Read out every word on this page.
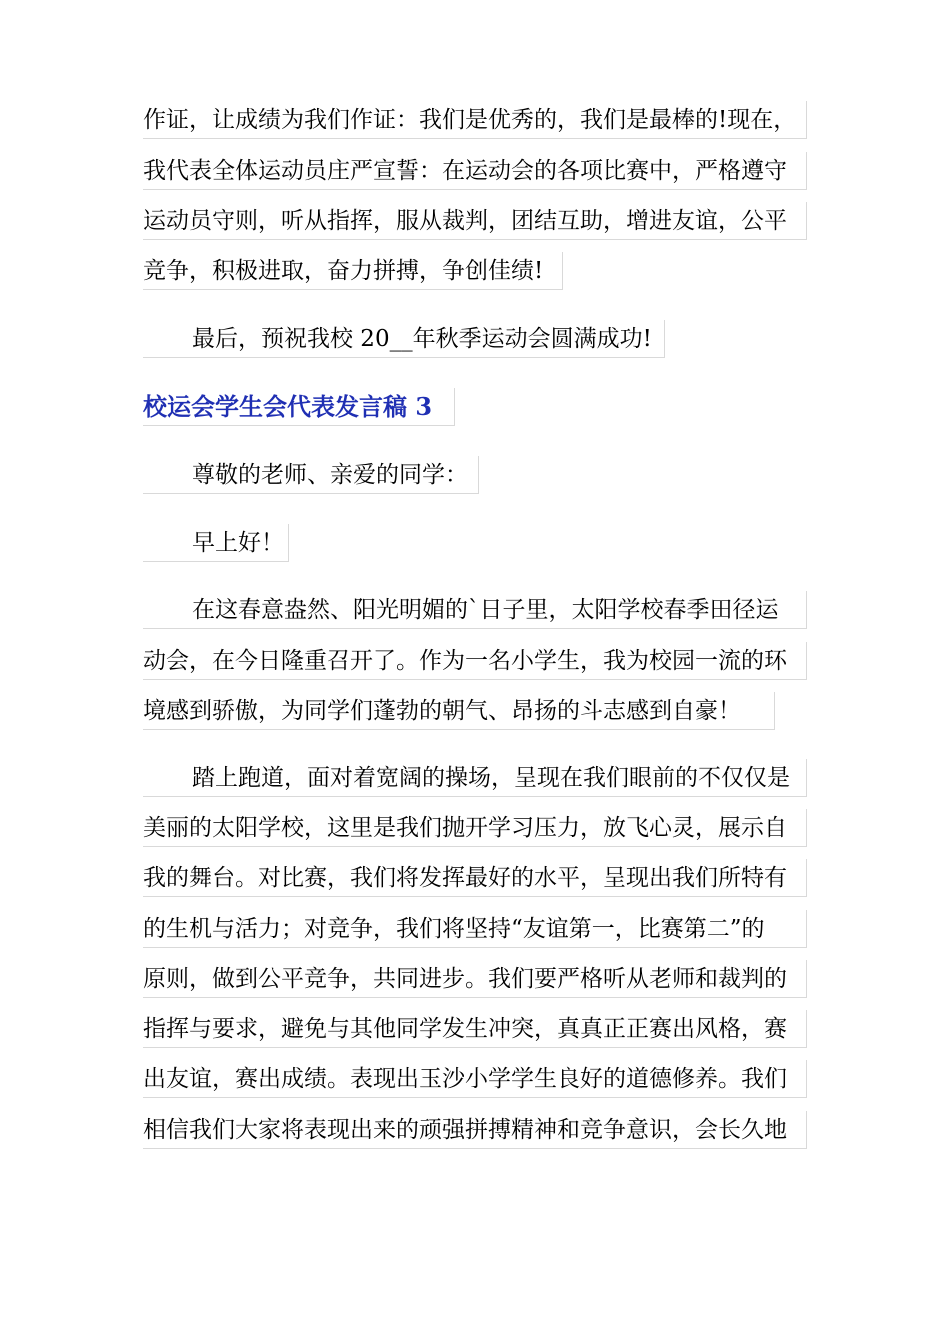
作证，让成绩为我们作证：我们是优秀的，我们是最棒的!现在，
我代表全体运动员庄严宣誓：在运动会的各项比赛中，严格遵守
运动员守则，听从指挥，服从裁判，团结互助，增进友谊，公平
竞争，积极进取，奋力拼搏，争创佳绩!
最后，预祝我校 20__年秋季运动会圆满成功!
校运会学生会代表发言稿 3
尊敬的老师、亲爱的同学：
早上好！
在这春意盎然、阳光明媚的`日子里，太阳学校春季田径运
动会，在今日隆重召开了。作为一名小学生，我为校园一流的环
境感到骄傲，为同学们蓬勃的朝气、昂扬的斗志感到自豪！
踏上跑道，面对着宽阔的操场，呈现在我们眼前的不仅仅是
美丽的太阳学校，这里是我们抛开学习压力，放飞心灵，展示自
我的舞台。对比赛，我们将发挥最好的水平，呈现出我们所特有
的生机与活力；对竞争，我们将坚持“友谊第一，比赛第二”的
原则，做到公平竞争，共同进步。我们要严格听从老师和裁判的
指挥与要求，避免与其他同学发生冲突，真真正正赛出风格，赛
出友谊，赛出成绩。表现出玉沙小学学生良好的道德修养。我们
相信我们大家将表现出来的顽强拼搏精神和竞争意识，会长久地
